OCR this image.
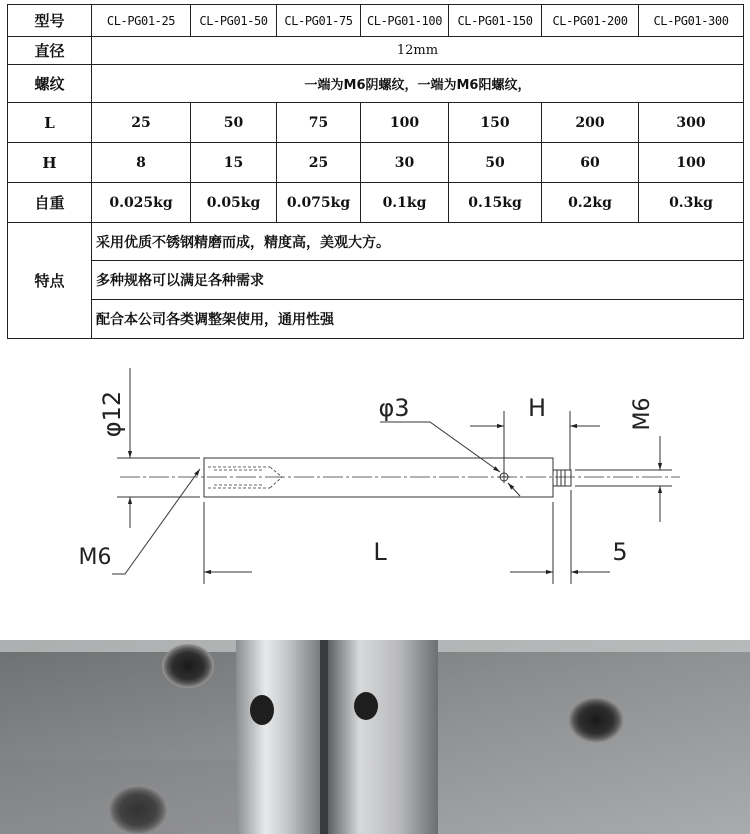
型号	CL-PG01-25	CL-PG01-50	CL-PG01-75	CL-PG01-100	CL-PG01-150	CL-PG01-200	CL-PG01-300
直径	12mm						
螺纹	一端为M6阴螺纹，一端为M6阳螺纹，						
L	25	50	75	100	150	200	300
H	8	15	25	30	50	60	100
自重	0.025kg	0.05kg	0.075kg	0.1kg	0.15kg	0.2kg	0.3kg
特点	采用优质不锈钢精磨而成，精度高，美观大方。						
	多种规格可以满足各种需求						
	配合本公司各类调整架使用，通用性强						
φ12	φ3	H	M6
M6	L	5
